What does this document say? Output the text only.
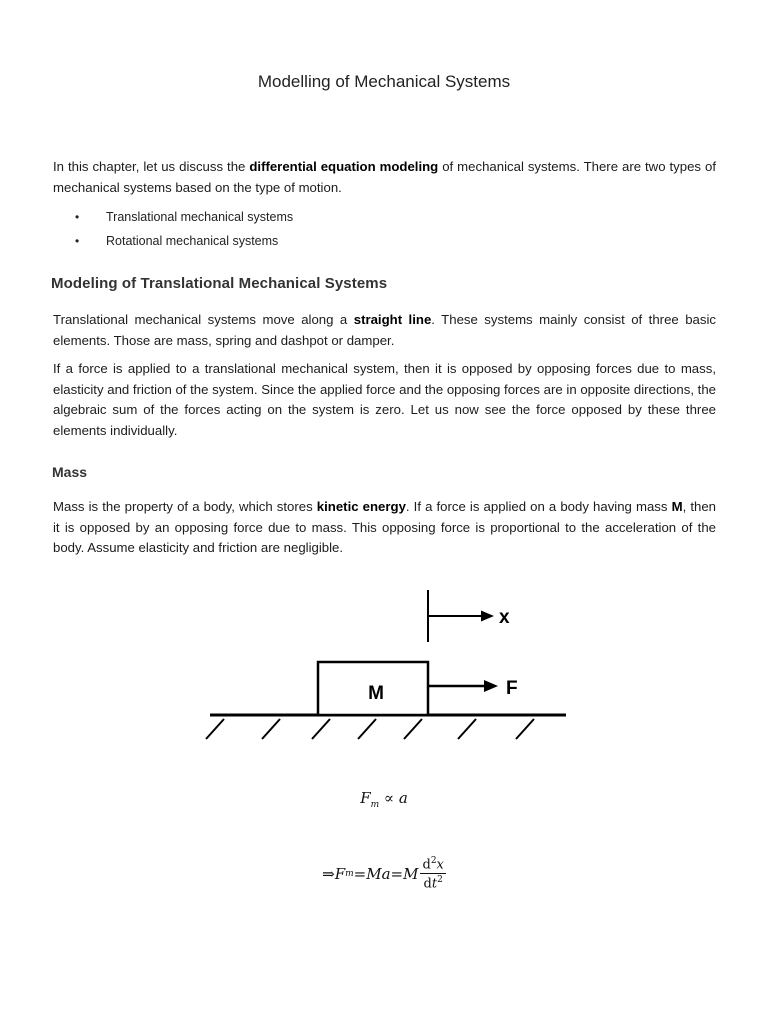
Modelling of Mechanical Systems

In this chapter, let us discuss the differential equation modeling of mechanical systems. There are two types of mechanical systems based on the type of motion.

• Translational mechanical systems
• Rotational mechanical systems
Modeling of Translational Mechanical Systems

Translational mechanical systems move along a straight line. These systems mainly consist of three basic elements. Those are mass, spring and dashpot or damper.

If a force is applied to a translational mechanical system, then it is opposed by opposing forces due to mass, elasticity and friction of the system. Since the applied force and the opposing forces are in opposite directions, the algebraic sum of the forces acting on the system is zero. Let us now see the force opposed by these three elements individually.

Mass

Mass is the property of a body, which stores kinetic energy. If a force is applied on a body having mass M, then it is opposed by an opposing force due to mass. This opposing force is proportional to the acceleration of the body. Assume elasticity and friction are negligible.

M	F
x
$F_m \propto a$
⇒ F m = Ma = M $\frac{d^2x}{dt^2}$
